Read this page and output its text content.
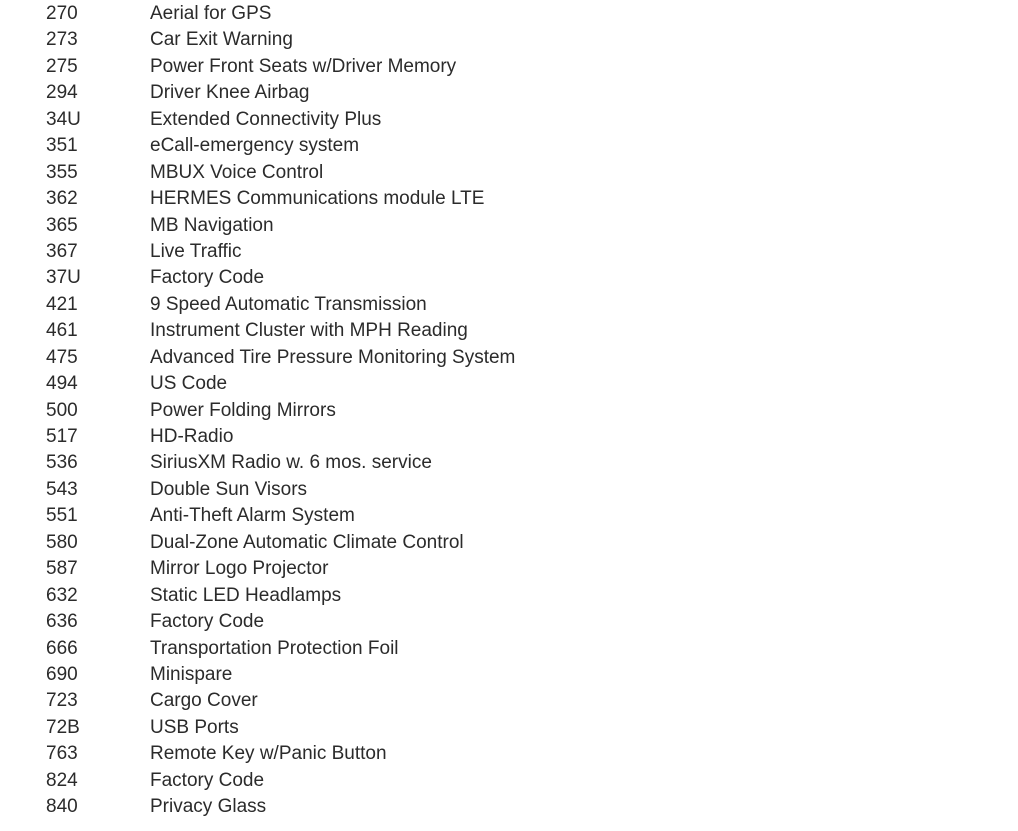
270	Aerial for GPS
273	Car Exit Warning
275	Power Front Seats w/Driver Memory
294	Driver Knee Airbag
34U	Extended Connectivity Plus
351	eCall-emergency system
355	MBUX Voice Control
362	HERMES Communications module LTE
365	MB Navigation
367	Live Traffic
37U	Factory Code
421	9 Speed Automatic Transmission
461	Instrument Cluster with MPH Reading
475	Advanced Tire Pressure Monitoring System
494	US Code
500	Power Folding Mirrors
517	HD-Radio
536	SiriusXM Radio w. 6 mos. service
543	Double Sun Visors
551	Anti-Theft Alarm System
580	Dual-Zone Automatic Climate Control
587	Mirror Logo Projector
632	Static LED Headlamps
636	Factory Code
666	Transportation Protection Foil
690	Minispare
723	Cargo Cover
72B	USB Ports
763	Remote Key w/Panic Button
824	Factory Code
840	Privacy Glass
